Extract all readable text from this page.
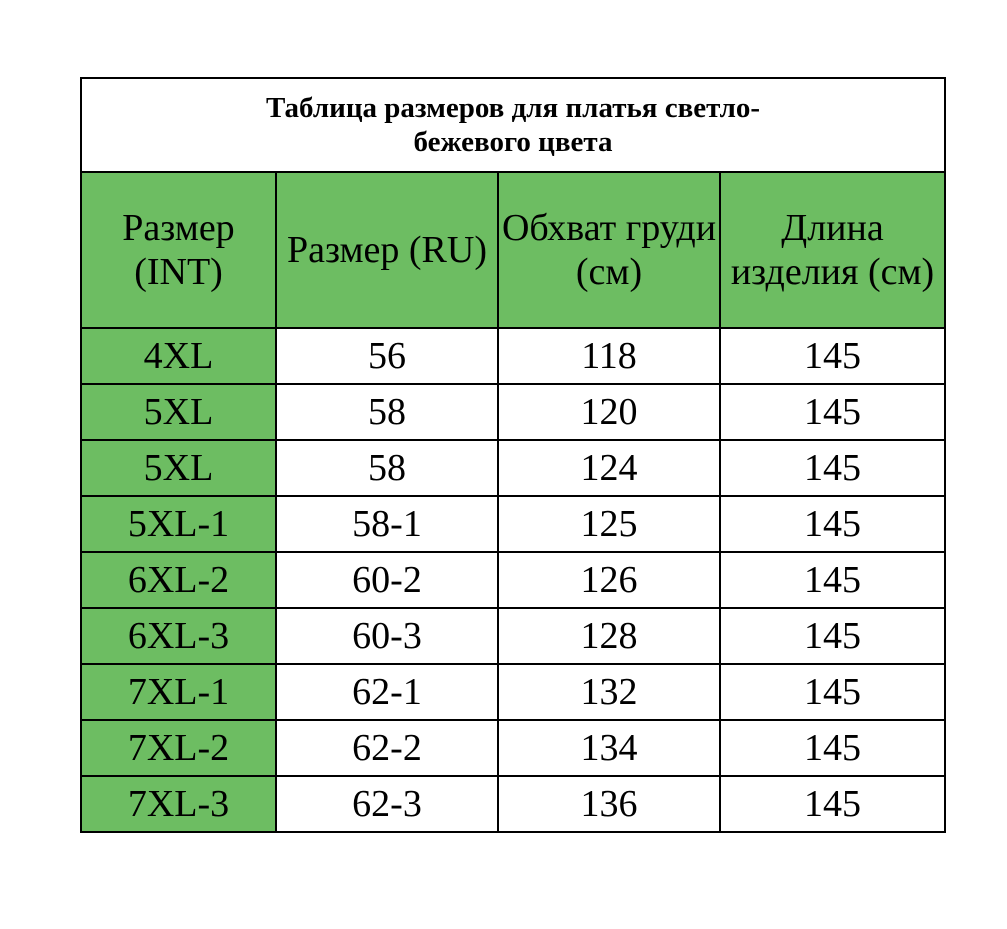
Таблица размеров для платья светло-бежевого цвета			
Размер (INT)	Размер (RU)	Обхват груди (см)	Длина изделия (см)
4XL	56	118	145
5XL	58	120	145
5XL	58	124	145
5XL-1	58-1	125	145
6XL-2	60-2	126	145
6XL-3	60-3	128	145
7XL-1	62-1	132	145
7XL-2	62-2	134	145
7XL-3	62-3	136	145
